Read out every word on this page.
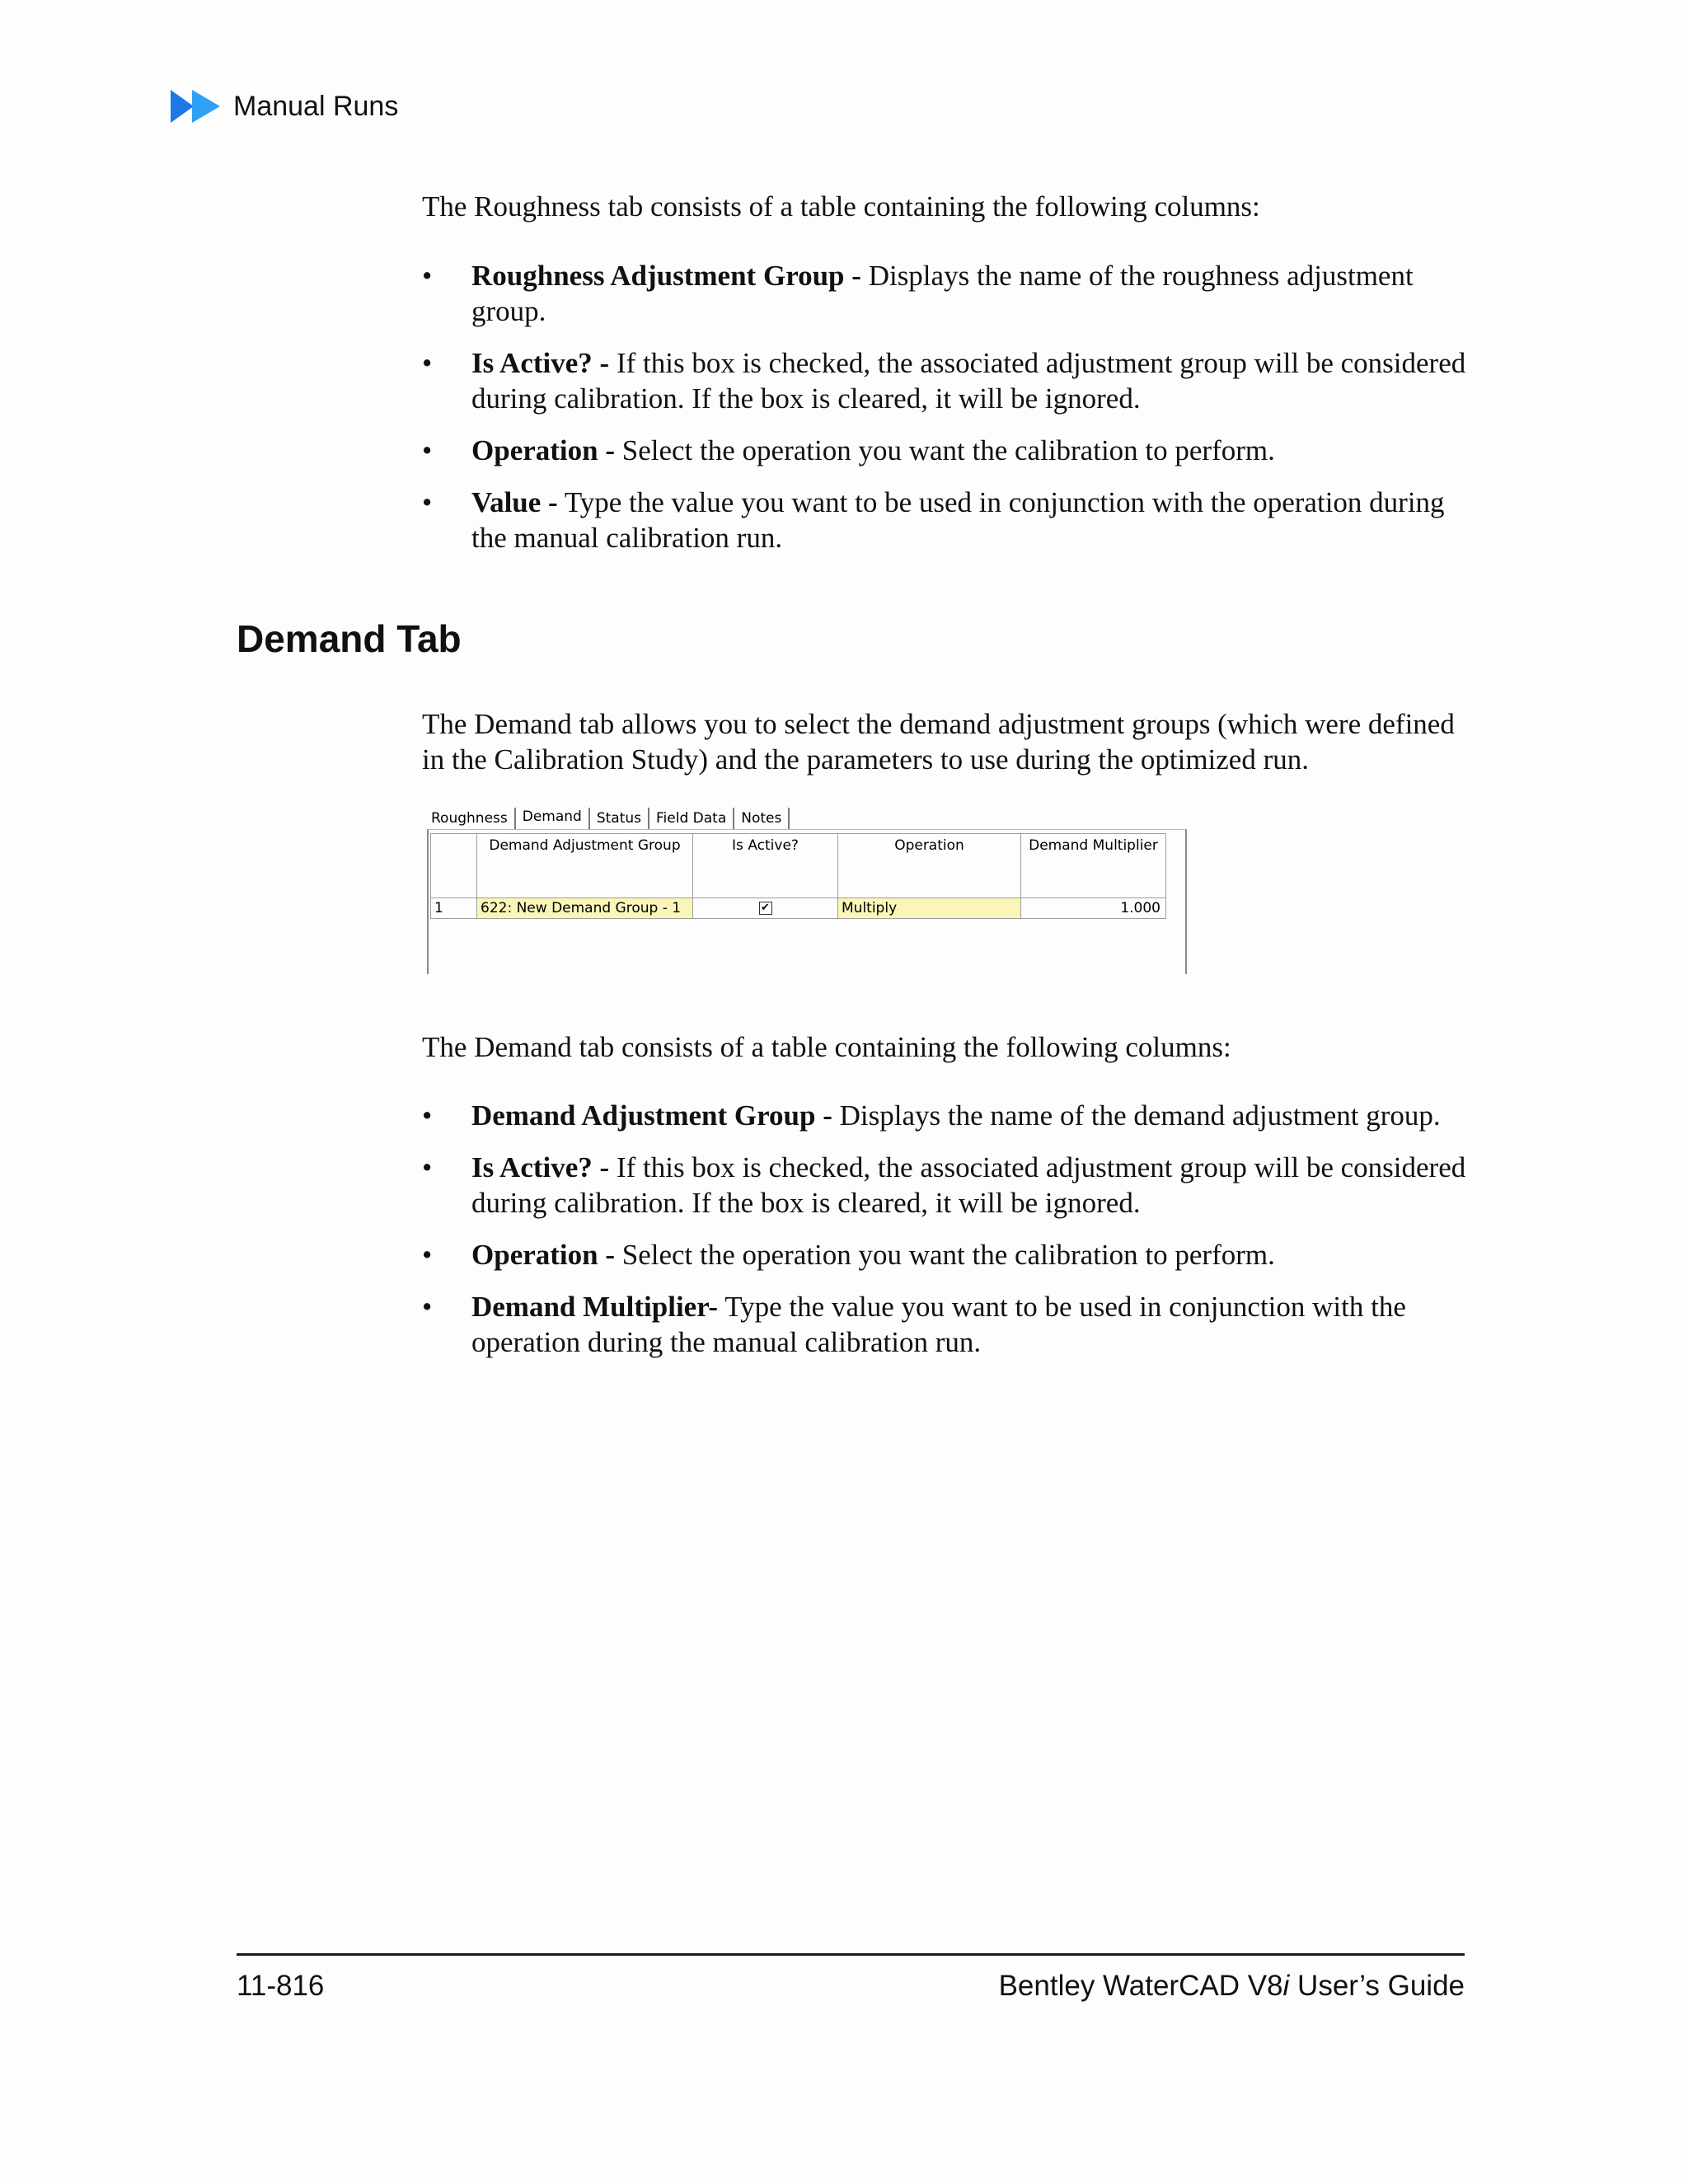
Manual Runs

The Roughness tab consists of a table containing the following columns:

• Roughness Adjustment Group - Displays the name of the roughness adjustment group.
• Is Active? - If this box is checked, the associated adjustment group will be considered during calibration. If the box is cleared, it will be ignored.
• Operation - Select the operation you want the calibration to perform.
• Value - Type the value you want to be used in conjunction with the operation during the manual calibration run.
Demand Tab

The Demand tab allows you to select the demand adjustment groups (which were defined in the Calibration Study) and the parameters to use during the optimized run.

Roughness	Demand	Status	Field Data	Notes
	Demand Adjustment Group	Is Active?	Operation	Demand Multiplier
1	622: New Demand Group - 1	✔	Multiply	1.000

The Demand tab consists of a table containing the following columns:

• Demand Adjustment Group - Displays the name of the demand adjustment group.
• Is Active? - If this box is checked, the associated adjustment group will be considered during calibration. If the box is cleared, it will be ignored.
• Operation - Select the operation you want the calibration to perform.
• Demand Multiplier- Type the value you want to be used in conjunction with the operation during the manual calibration run.
11-816	Bentley WaterCAD V8i User’s Guide
